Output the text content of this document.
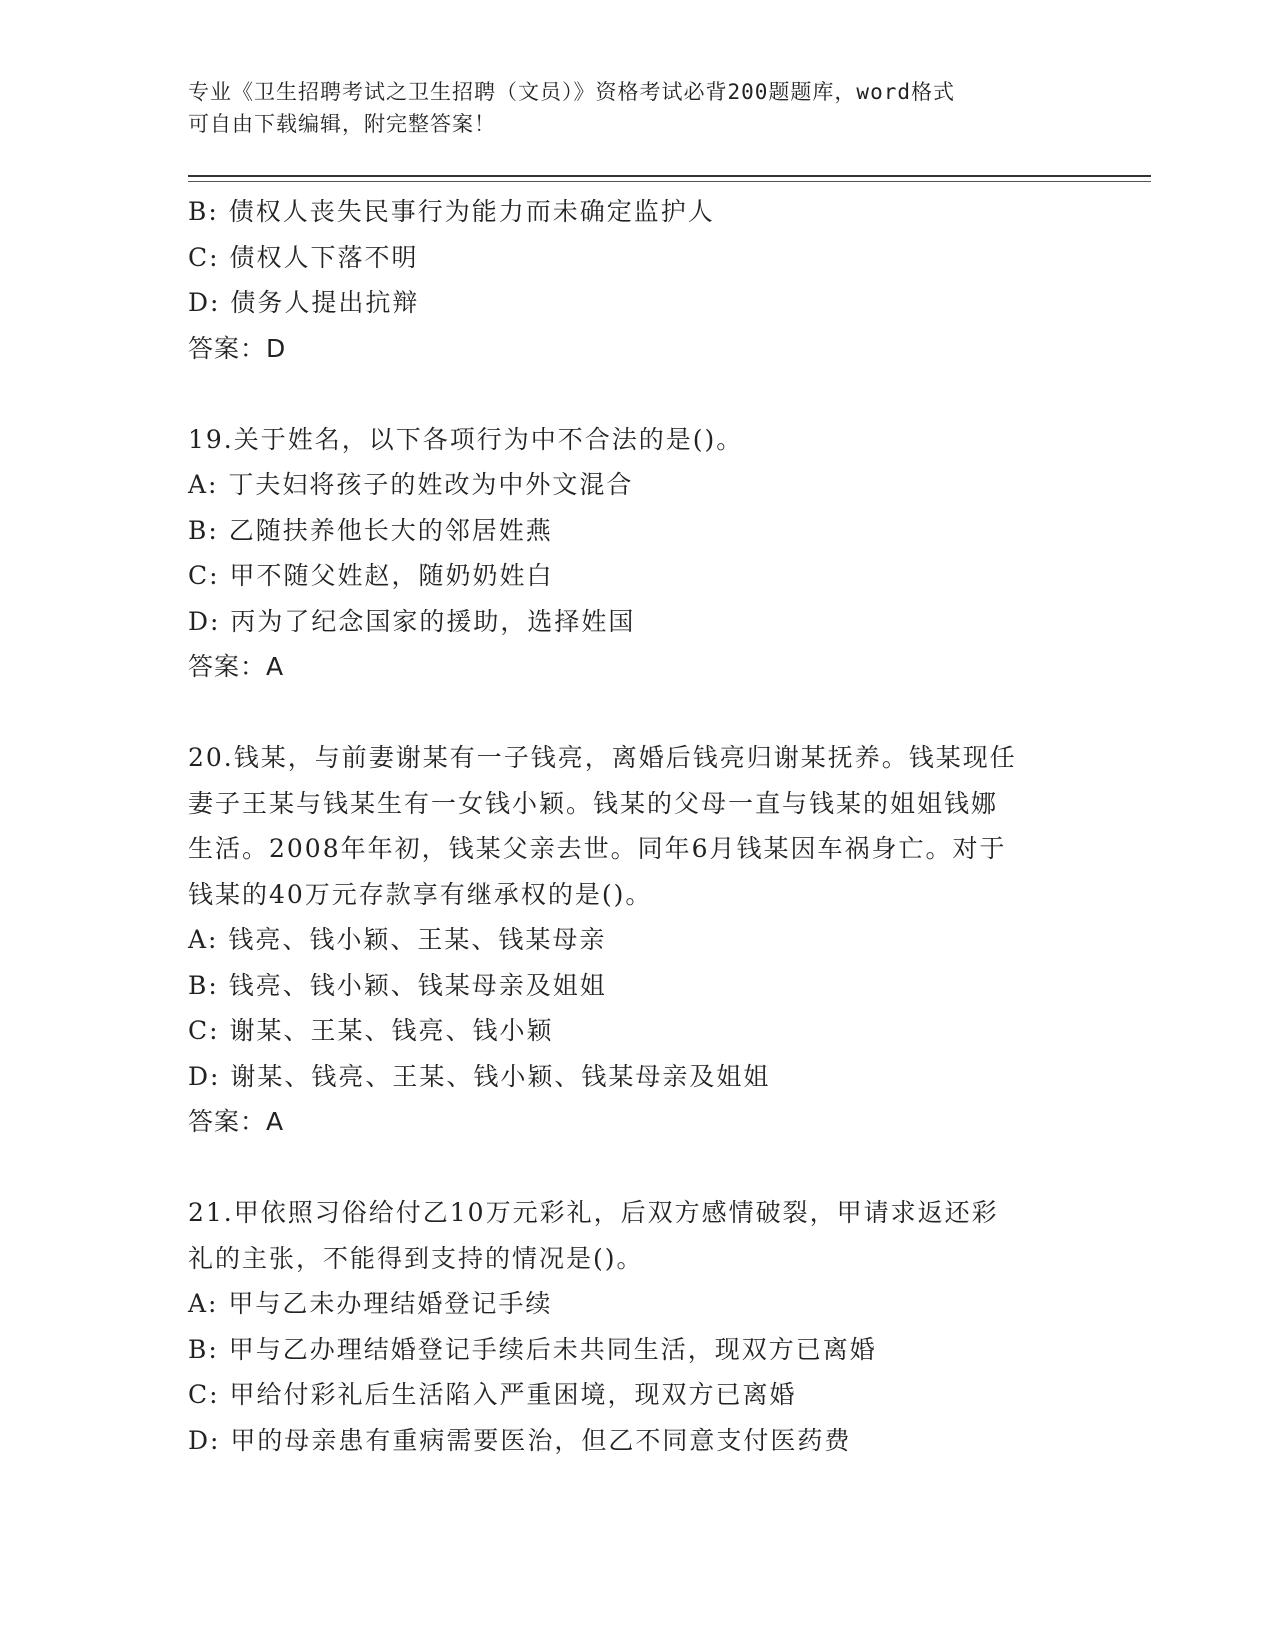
专业《卫生招聘考试之卫生招聘（文员）》资格考试必背200题题库，word格式
可自由下载编辑，附完整答案！
B: 债权人丧失民事行为能力而未确定监护人
C: 债权人下落不明
D: 债务人提出抗辩
答案：D
19.关于姓名，以下各项行为中不合法的是()。
A: 丁夫妇将孩子的姓改为中外文混合
B: 乙随扶养他长大的邻居姓燕
C: 甲不随父姓赵，随奶奶姓白
D: 丙为了纪念国家的援助，选择姓国
答案：A
20.钱某，与前妻谢某有一子钱亮，离婚后钱亮归谢某抚养。钱某现任
妻子王某与钱某生有一女钱小颖。钱某的父母一直与钱某的姐姐钱娜
生活。2008年年初，钱某父亲去世。同年6月钱某因车祸身亡。对于
钱某的40万元存款享有继承权的是()。
A: 钱亮、钱小颖、王某、钱某母亲
B: 钱亮、钱小颖、钱某母亲及姐姐
C: 谢某、王某、钱亮、钱小颖
D: 谢某、钱亮、王某、钱小颖、钱某母亲及姐姐
答案：A
21.甲依照习俗给付乙10万元彩礼，后双方感情破裂，甲请求返还彩
礼的主张，不能得到支持的情况是()。
A: 甲与乙未办理结婚登记手续
B: 甲与乙办理结婚登记手续后未共同生活，现双方已离婚
C: 甲给付彩礼后生活陷入严重困境，现双方已离婚
D: 甲的母亲患有重病需要医治，但乙不同意支付医药费
